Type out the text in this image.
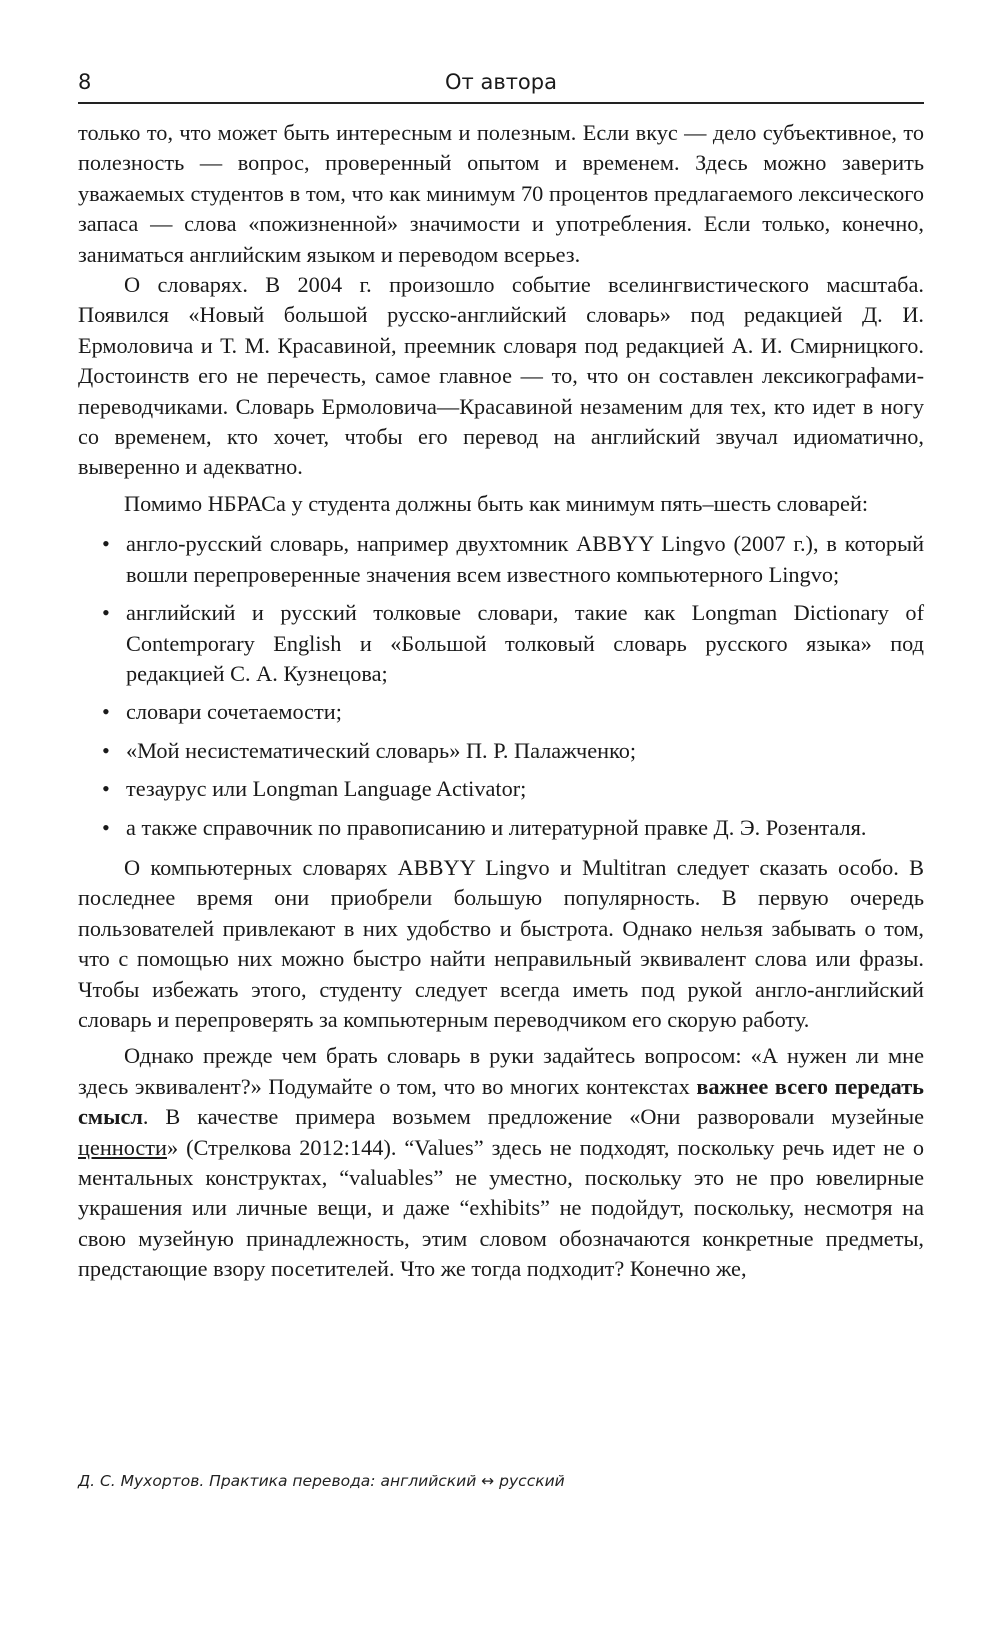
8	От автора

только то, что может быть интересным и полезным. Если вкус — дело субъективное, то полезность — вопрос, проверенный опытом и временем. Здесь можно заверить уважаемых студентов в том, что как минимум 70 процентов предлагаемого лексического запаса — слова «пожизненной» значимости и употребления. Если только, конечно, заниматься английским языком и переводом всерьез.

О словарях. В 2004 г. произошло событие вселингвистического масштаба. Появился «Новый большой русско-английский словарь» под редакцией Д. И. Ермоловича и Т. М. Красавиной, преемник словаря под редакцией А. И. Смирницкого. Достоинств его не перечесть, самое главное — то, что он составлен лексикографами-переводчиками. Словарь Ермоловича—Красавиной незаменим для тех, кто идет в ногу со временем, кто хочет, чтобы его перевод на английский звучал идиоматично, выверенно и адекватно.

Помимо НБРАСа у студента должны быть как минимум пять–шесть словарей:

• англо-русский словарь, например двухтомник ABBYY Lingvo (2007 г.), в который вошли перепроверенные значения всем известного компьютерного Lingvo;
• английский и русский толковые словари, такие как Longman Dictionary of Contemporary English и «Большой толковый словарь русского языка» под редакцией С. А. Кузнецова;
• словари сочетаемости;
• «Мой несистематический словарь» П. Р. Палажченко;
• тезаурус или Longman Language Activator;
• а также справочник по правописанию и литературной правке Д. Э. Розенталя.

О компьютерных словарях ABBYY Lingvo и Multitran следует сказать особо. В последнее время они приобрели большую популярность. В первую очередь пользователей привлекают в них удобство и быстрота. Однако нельзя забывать о том, что с помощью них можно быстро найти неправильный эквивалент слова или фразы. Чтобы избежать этого, студенту следует всегда иметь под рукой англо-английский словарь и перепроверять за компьютерным переводчиком его скорую работу.

Однако прежде чем брать словарь в руки задайтесь вопросом: «А нужен ли мне здесь эквивалент?» Подумайте о том, что во многих контекстах важнее всего передать смысл. В качестве примера возьмем предложение «Они разворовали музейные ценности» (Стрелкова 2012:144). “Values” здесь не подходят, поскольку речь идет не о ментальных конструктах, “valuables” не уместно, поскольку это не про ювелирные украшения или личные вещи, и даже “exhibits” не подойдут, поскольку, несмотря на свою музейную принадлежность, этим словом обозначаются конкретные предметы, предстающие взору посетителей. Что же тогда подходит? Конечно же,

Д. С. Мухортов. Практика перевода: английский ↔ русский
